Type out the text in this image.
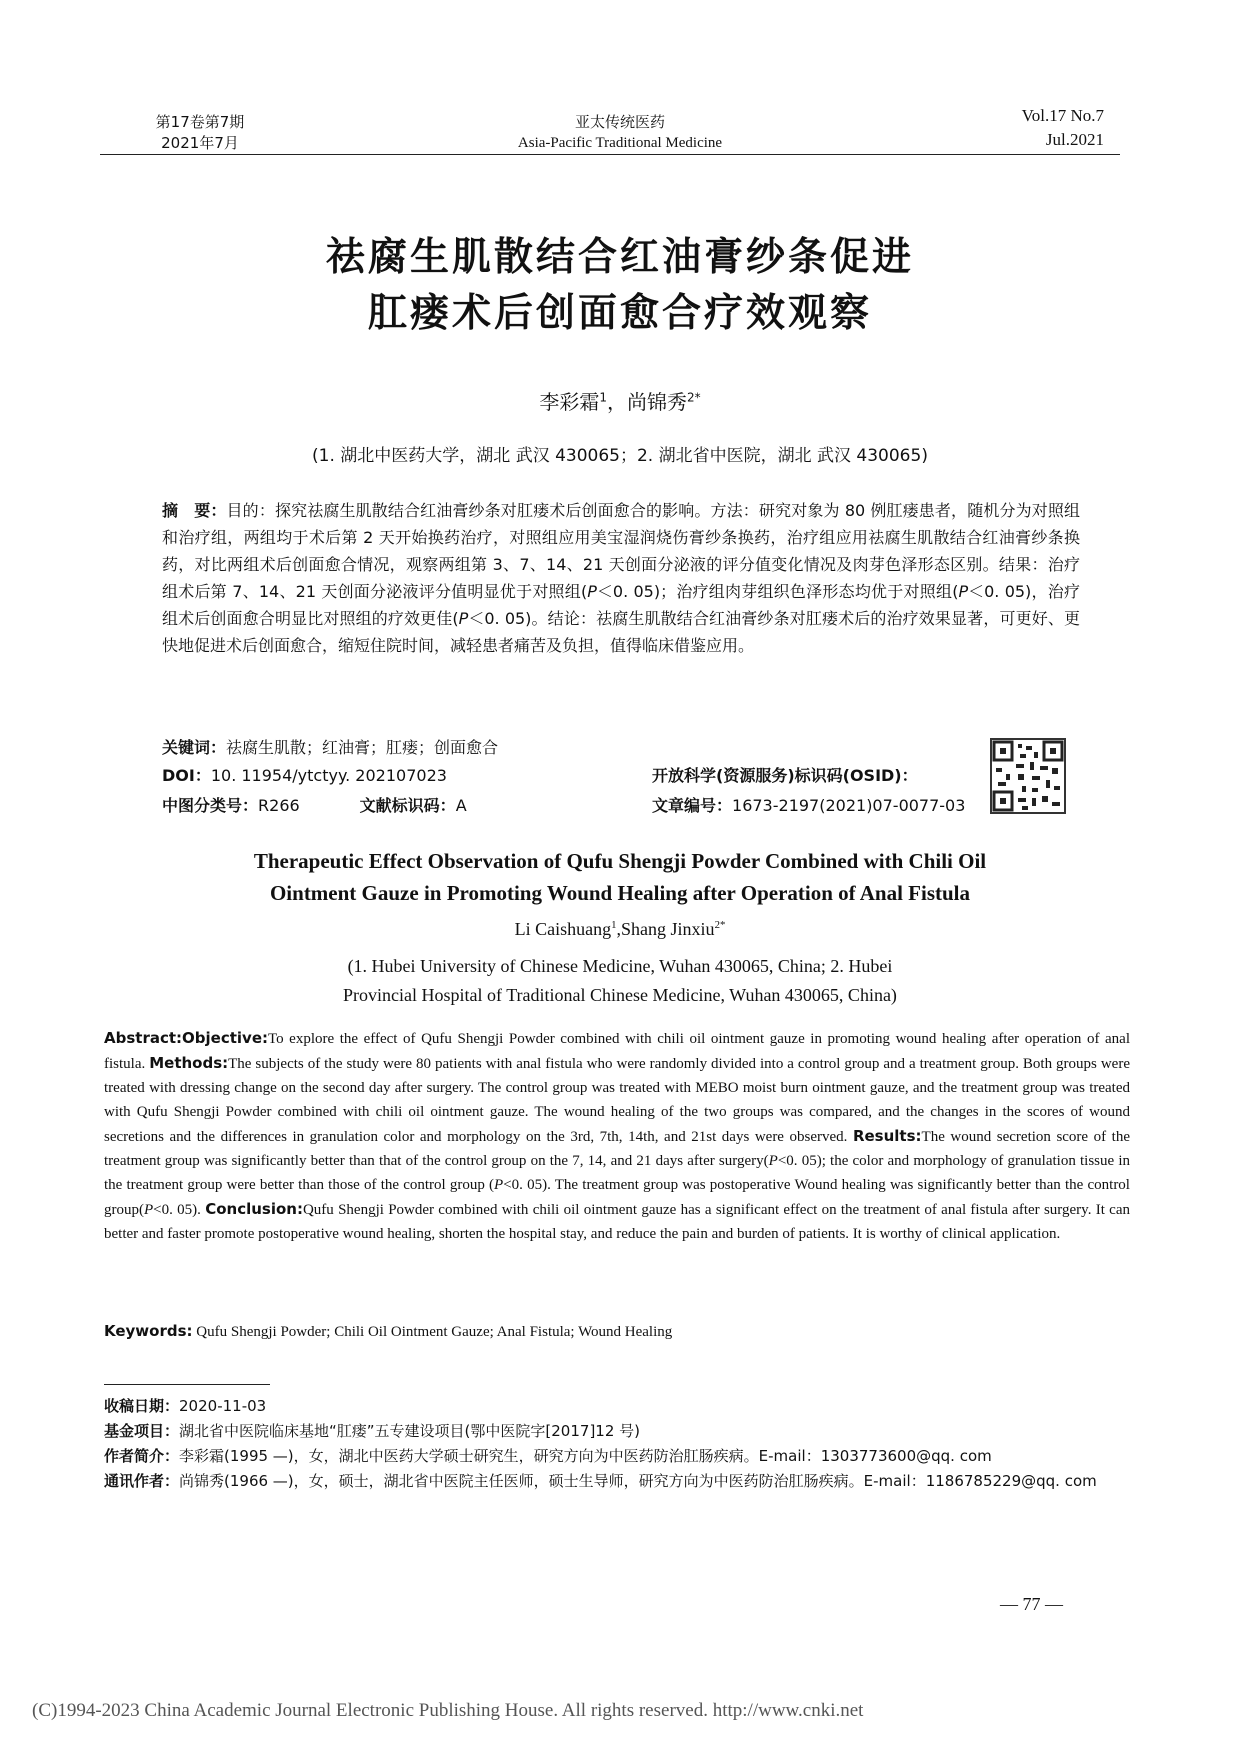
第17卷第7期
2021年7月
亚太传统医药
Asia-Pacific Traditional Medicine
Vol.17 No.7
Jul.2021
祛腐生肌散结合红油膏纱条促进
肛瘘术后创面愈合疗效观察
李彩霜$^1$，尚锦秀$^{2*}$
(1. 湖北中医药大学，湖北 武汉 430065；2. 湖北省中医院，湖北 武汉 430065)
摘　要：目的：探究祛腐生肌散结合红油膏纱条对肛瘘术后创面愈合的影响。方法：研究对象为 80 例肛瘘患者，随机分为对照组和治疗组，两组均于术后第 2 天开始换药治疗，对照组应用美宝湿润烧伤膏纱条换药，治疗组应用祛腐生肌散结合红油膏纱条换药，对比两组术后创面愈合情况，观察两组第 3、7、14、21 天创面分泌液的评分值变化情况及肉芽色泽形态区别。结果：治疗组术后第 7、14、21 天创面分泌液评分值明显优于对照组(P＜0. 05)；治疗组肉芽组织色泽形态均优于对照组(P＜0. 05)，治疗组术后创面愈合明显比对照组的疗效更佳(P＜0. 05)。结论：祛腐生肌散结合红油膏纱条对肛瘘术后的治疗效果显著，可更好、更快地促进术后创面愈合，缩短住院时间，减轻患者痛苦及负担，值得临床借鉴应用。
关键词：祛腐生肌散；红油膏；肛瘘；创面愈合
DOI：10. 11954/ytctyy. 202107023
中图分类号：R266	文献标识码：A
开放科学(资源服务)标识码(OSID)：
文章编号：1673-2197(2021)07-0077-03
Therapeutic Effect Observation of Qufu Shengji Powder Combined with Chili Oil
Ointment Gauze in Promoting Wound Healing after Operation of Anal Fistula
Li Caishuang$^1$,Shang Jinxiu$^{2*}$
(1. Hubei University of Chinese Medicine, Wuhan 430065, China; 2. Hubei
Provincial Hospital of Traditional Chinese Medicine, Wuhan 430065, China)
Abstract:Objective:To explore the effect of Qufu Shengji Powder combined with chili oil ointment gauze in promoting wound healing after operation of anal fistula. Methods:The subjects of the study were 80 patients with anal fistula who were randomly divided into a control group and a treatment group. Both groups were treated with dressing change on the second day after surgery. The control group was treated with MEBO moist burn ointment gauze, and the treatment group was treated with Qufu Shengji Powder combined with chili oil ointment gauze. The wound healing of the two groups was compared, and the changes in the scores of wound secretions and the differences in granulation color and morphology on the 3rd, 7th, 14th, and 21st days were observed. Results:The wound secretion score of the treatment group was significantly better than that of the control group on the 7, 14, and 21 days after surgery(P<0. 05); the color and morphology of granulation tissue in the treatment group were better than those of the control group (P<0. 05). The treatment group was postoperative Wound healing was significantly better than the control group(P<0. 05). Conclusion:Qufu Shengji Powder combined with chili oil ointment gauze has a significant effect on the treatment of anal fistula after surgery. It can better and faster promote postoperative wound healing, shorten the hospital stay, and reduce the pain and burden of patients. It is worthy of clinical application.
Keywords: Qufu Shengji Powder; Chili Oil Ointment Gauze; Anal Fistula; Wound Healing
收稿日期： 2020-11-03
基金项目： 湖北省中医院临床基地“肛瘘”五专建设项目(鄂中医院字[2017]12 号)
作者简介： 李彩霜(1995 —)，女，湖北中医药大学硕士研究生，研究方向为中医药防治肛肠疾病。E-mail：1303773600@qq. com
通讯作者： 尚锦秀(1966 —)，女，硕士，湖北省中医院主任医师，硕士生导师，研究方向为中医药防治肛肠疾病。E-mail：1186785229@qq. com
— 77 —
(C)1994-2023 China Academic Journal Electronic Publishing House. All rights reserved. http://www.cnki.net
